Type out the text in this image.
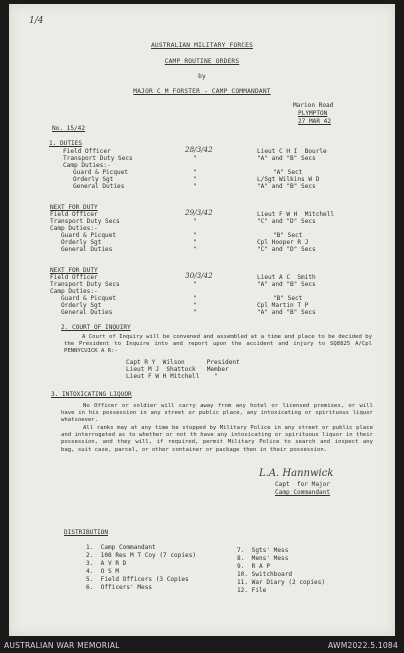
1/4
AUSTRALIAN MILITARY FORCES
CAMP ROUTINE ORDERS
by
MAJOR C M FORSTER - CAMP COMMANDANT
Marion Road
PLYMPTON
27 MAR 42
No. 15/42
1. DUTIES
Field Officer
Transport Duty Secs
Camp Duties:-
Guard & Picquet
Orderly Sgt
General Duties
28/3/42
"
"
"
"
Lieut C H I  Bourle
"A" and "B" Secs
"A" Sect
L/Sgt Wilkins W D
"A" and "B" Secs
NEXT FOR DUTY
Field Officer
Transport Duty Secs
Camp Duties:-
Guard & Picquet
Orderly Sgt
General Duties
29/3/42
"
"
"
"
Lieut F W H  Mitchell
"C" and "D" Secs
"B" Sect
Cpl Hooper R J
"C" and "D" Secs
NEXT FOR DUTY
Field Officer
Transport Duty Secs
Camp Duties:-
Guard & Picquet
Orderly Sgt
General Duties
30/3/42
"
"
"
"
Lieut A C  Smith
"A" and "B" Secs
"B" Sect
Cpl Martin T P
"A" and "B" Secs
2. COURT OF INQUIRY
A Court of Inquiry will be convened and assembled at a time and place to be decided by the President to Inquire into and report upon the accident and injury to SQ8825 A/Cpl PENNYCUICK A R:-
Capt R Y  Wilson      President
Lieut M J  Shattock   Member
Lieut F W H Mitchell    "
3. INTOXICATING LIQUOR
No Officer or soldier will carry away from any hotel or licensed premises, or will have in his possession in any street or public place, any intoxicating or spirituous liquor whatsoever.
All ranks may at any time be stopped by Military Police in any street or public place and interrogated as to whether or not th have any intoxicating or spirituous liquor in their possession, and they will, if required, permit Military Police to search and inspect any bag, suit case, parcel, or other container or package then in their possession.
L.A. Hannwick
Capt  for Major
Camp Commandant
DISTRIBUTION
1.  Camp Commandant
2.  108 Res M T Coy (7 copies)
3.  A V R D
4.  O S M
5.  Field Officers (3 Copies
6.  Officers' Mess
7.  Sgts' Mess
8.  Mens' Mess
9.  R A P
10. Switchboard
11. War Diary (2 copies)
12. File
AUSTRALIAN WAR MEMORIAL	AWM2022.5.1084
